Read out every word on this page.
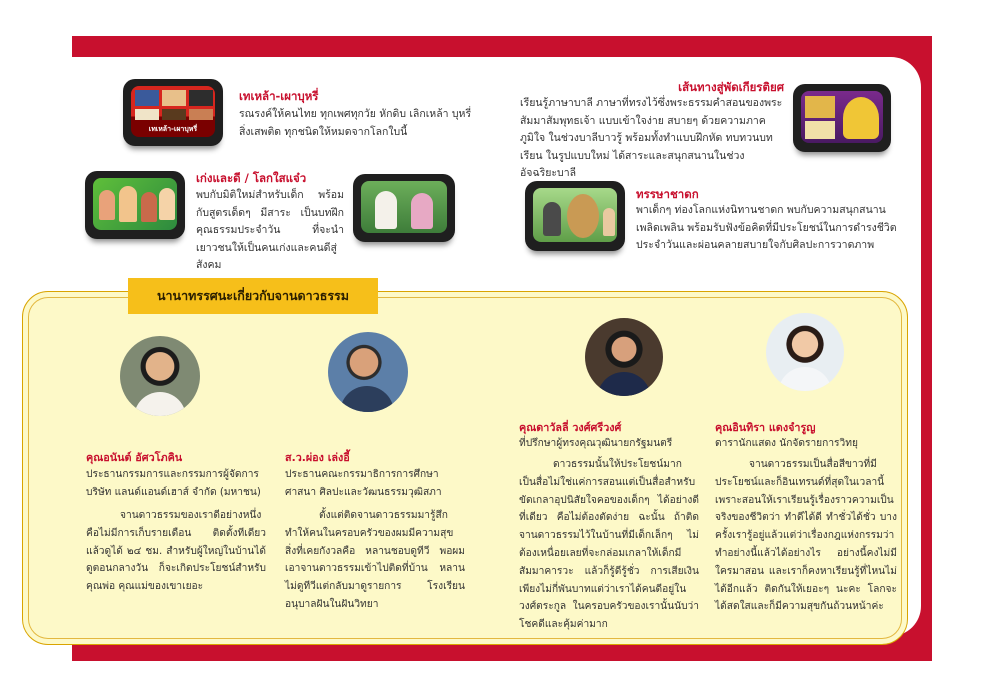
เทเหล้า-เผาบุหรี่
เทเหล้า-เผาบุหรี่
รณรงค์ให้คนไทย ทุกเพศทุกวัย หักดิบ เลิกเหล้า บุหรี่ สิ่งเสพติด ทุกชนิดให้หมดจากโลกใบนี้
เก่งและดี / โลกใสแจ๋ว
พบกับมิติใหม่สำหรับเด็ก พร้อมกับสูตรเด็ดๆ มีสาระ เป็นบทฝึกคุณธรรมประจำวัน ที่จะนำเยาวชนให้เป็นคนเก่งและคนดีสู่สังคม
เส้นทางสู่พัดเกียรติยศ
เรียนรู้ภาษาบาลี ภาษาที่ทรงไว้ซึ่งพระธรรมคำสอนของพระสัมมาสัมพุทธเจ้า แบบเข้าใจง่าย สบายๆ ด้วยความภาคภูมิใจ ในช่วงบาลีบาวรู้ พร้อมทั้งทำแบบฝึกหัด ทบทวนบทเรียน ในรูปแบบใหม่ ได้สาระและสนุกสนานในช่วง อัจฉริยะบาลี
ทรรษาชาดก
พาเด็กๆ ท่องโลกแห่งนิทานชาดก พบกับความสนุกสนาน เพลิดเพลิน พร้อมรับฟังข้อคิดที่มีประโยชน์ในการดำรงชีวิตประจำวันและผ่อนคลายสบายใจกับศิลปะการวาดภาพ
นานาทรรศนะเกี่ยวกับจานดาวธรรม
คุณอนันต์ อัศวโภคิน
ประธานกรรมการและกรรมการผู้จัดการ บริษัท แลนด์แอนด์เฮาส์ จำกัด (มหาชน)
จานดาวธรรมของเราดีอย่างหนึ่ง คือไม่มีการเก็บรายเดือน ติดตั้งทีเดียว แล้วดูได้ ๒๔ ชม. สำหรับผู้ใหญ่ในบ้านได้ดูตอนกลางวัน ก็จะเกิดประโยชน์สำหรับคุณพ่อ คุณแม่ของเขาเยอะ
ส.ว.ผ่อง เล่งอี้
ประธานคณะกรรมาธิการการศึกษา ศาสนา ศิลปะและวัฒนธรรมวุฒิสภา
ตั้งแต่ติดจานดาวธรรมมารู้สึกทำให้คนในครอบครัวของผมมีความสุข สิ่งที่เคยกังวลคือ หลานชอบดูทีวี พอผมเอาจานดาวธรรมเข้าไปติดที่บ้าน หลานไม่ดูทีวีแต่กลับมาดูรายการ โรงเรียนอนุบาลฝันในฝันวิทยา
คุณดาวัลลี่ วงศ์ศรีวงศ์
ที่ปรึกษาผู้ทรงคุณวุฒินายกรัฐมนตรี
ดาวธรรมนั้นให้ประโยชน์มาก เป็นสื่อไม่ใช่แค่การสอนแต่เป็นสื่อสำหรับขัดเกลาอุปนิสัยใจคอของเด็กๆ ได้อย่างดีที่เดียว คือไม่ต้องตัดง่าย ฉะนั้น ถ้าติดจานดาวธรรมไว้ในบ้านที่มีเด็กเล็กๆ ไม่ต้องเหนื่อยเลยที่จะกล่อมเกลาให้เด็กมีสัมมาคารวะ แล้วก็รู้ดีรู้ชั่ว การเสียเงินเพียงไม่กี่พันบาทแต่ว่าเราได้คนดีอยู่ในวงศ์ตระกูล ในครอบครัวของเรานั้นนับว่าโชคดีและคุ้มค่ามาก
คุณอินทิรา แดงจำรูญ
ดารานักแสดง นักจัดรายการวิทยุ
จานดาวธรรมเป็นสื่อสีขาวที่มีประโยชน์และก็อินเทรนด์ที่สุดในเวลานี้ เพราะสอนให้เราเรียนรู้เรื่องราวความเป็นจริงของชีวิตว่า ทำดีได้ดี ทำชั่วได้ชั่ว บางครั้งเรารู้อยู่แล้วแต่ว่าเรื่องกฎแห่งกรรมว่าทำอย่างนี้แล้วได้อย่างไร อย่างนี้คงไม่มีใครมาสอน และเราก็คงหาเรียนรู้ที่ไหนไม่ได้อีกแล้ว ติดกันให้เยอะๆ นะคะ โลกจะได้สดใสและก็มีความสุขกันถ้วนหน้าค่ะ
